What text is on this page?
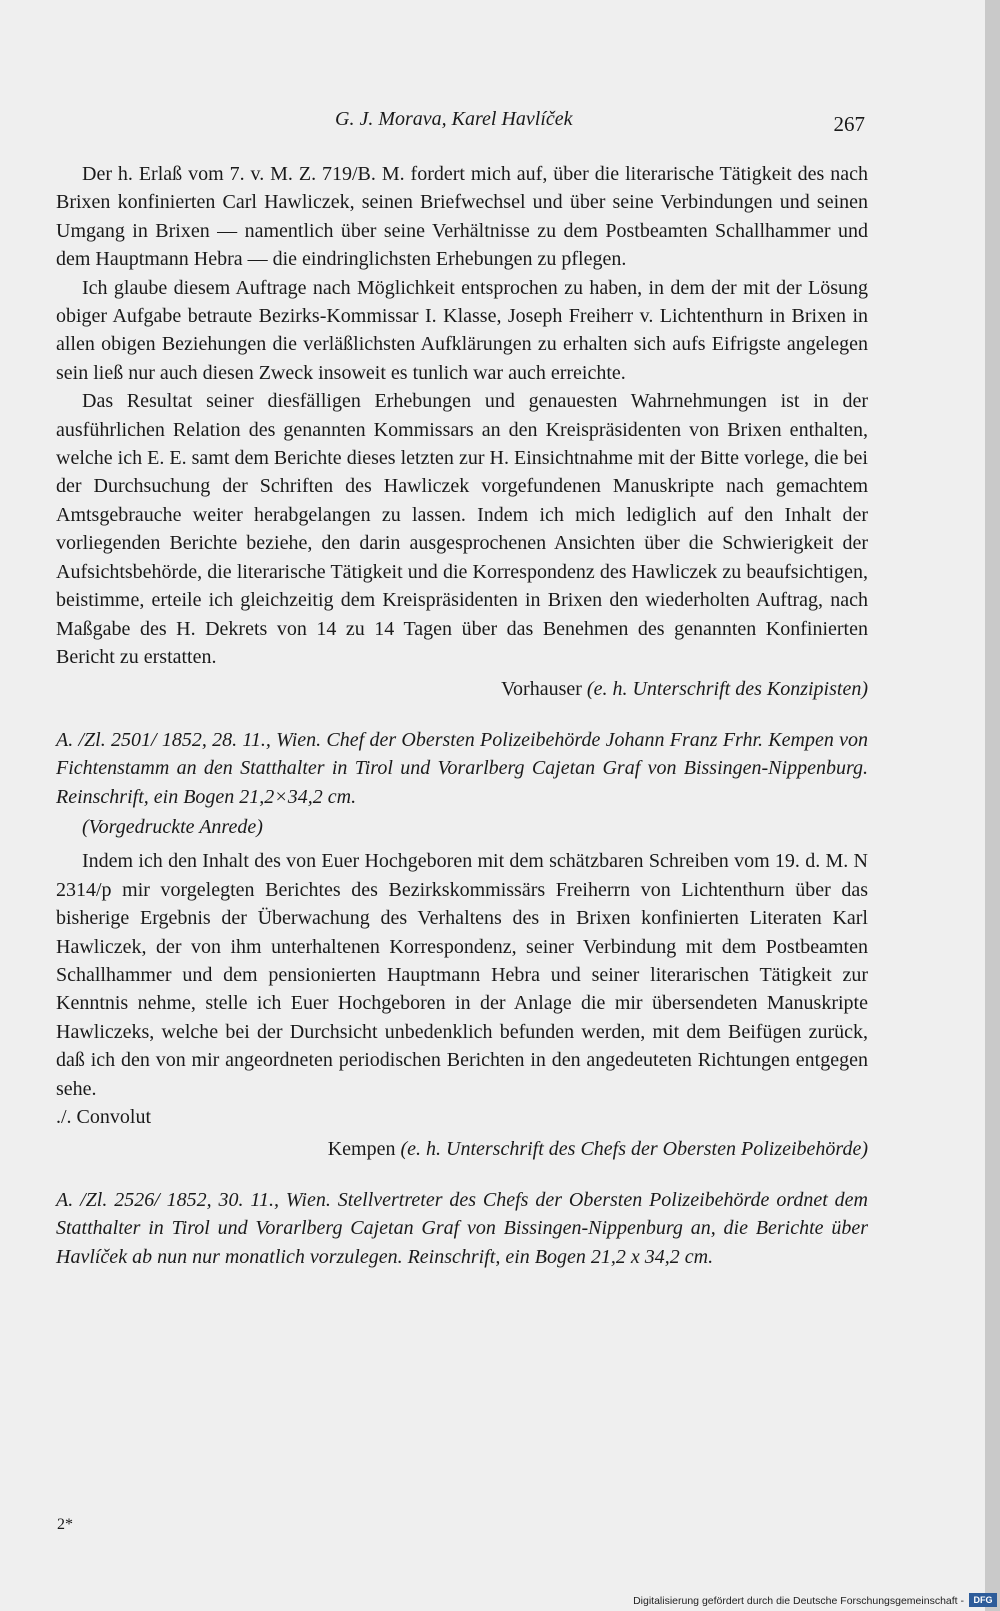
G. J. Morava, Karel Havlíček	267

Der h. Erlaß vom 7. v. M. Z. 719/B. M. fordert mich auf, über die literarische Tätigkeit des nach Brixen konfinierten Carl Hawliczek, seinen Briefwechsel und über seine Verbindungen und seinen Umgang in Brixen — namentlich über seine Verhältnisse zu dem Postbeamten Schallhammer und dem Hauptmann Hebra — die eindringlichsten Erhebungen zu pflegen.

Ich glaube diesem Auftrage nach Möglichkeit entsprochen zu haben, in dem der mit der Lösung obiger Aufgabe betraute Bezirks-Kommissar I. Klasse, Joseph Freiherr v. Lichtenthurn in Brixen in allen obigen Beziehungen die verläßlichsten Aufklärungen zu erhalten sich aufs Eifrigste angelegen sein ließ nur auch diesen Zweck insoweit es tunlich war auch erreichte.

Das Resultat seiner diesfälligen Erhebungen und genauesten Wahrnehmungen ist in der ausführlichen Relation des genannten Kommissars an den Kreispräsidenten von Brixen enthalten, welche ich E. E. samt dem Berichte dieses letzten zur H. Einsichtnahme mit der Bitte vorlege, die bei der Durchsuchung der Schriften des Hawliczek vorgefundenen Manuskripte nach gemachtem Amtsgebrauche weiter herabgelangen zu lassen. Indem ich mich lediglich auf den Inhalt der vorliegenden Berichte beziehe, den darin ausgesprochenen Ansichten über die Schwierigkeit der Aufsichtsbehörde, die literarische Tätigkeit und die Korrespondenz des Hawliczek zu beaufsichtigen, beistimme, erteile ich gleichzeitig dem Kreispräsidenten in Brixen den wiederholten Auftrag, nach Maßgabe des H. Dekrets von 14 zu 14 Tagen über das Benehmen des genannten Konfinierten Bericht zu erstatten.

Vorhauser (e. h. Unterschrift des Konzipisten)

A. /Zl. 2501/ 1852, 28. 11., Wien. Chef der Obersten Polizeibehörde Johann Franz Frhr. Kempen von Fichtenstamm an den Statthalter in Tirol und Vorarlberg Cajetan Graf von Bissingen-Nippenburg. Reinschrift, ein Bogen 21,2×34,2 cm.

(Vorgedruckte Anrede)

Indem ich den Inhalt des von Euer Hochgeboren mit dem schätzbaren Schreiben vom 19. d. M. N 2314/p mir vorgelegten Berichtes des Bezirkskommissärs Freiherrn von Lichtenthurn über das bisherige Ergebnis der Überwachung des Verhaltens des in Brixen konfinierten Literaten Karl Hawliczek, der von ihm unterhaltenen Korrespondenz, seiner Verbindung mit dem Postbeamten Schallhammer und dem pensionierten Hauptmann Hebra und seiner literarischen Tätigkeit zur Kenntnis nehme, stelle ich Euer Hochgeboren in der Anlage die mir übersendeten Manuskripte Hawliczeks, welche bei der Durchsicht unbedenklich befunden werden, mit dem Beifügen zurück, daß ich den von mir angeordneten periodischen Berichten in den angedeuteten Richtungen entgegen sehe.

./. Convolut

Kempen (e. h. Unterschrift des Chefs der Obersten Polizeibehörde)

A. /Zl. 2526/ 1852, 30. 11., Wien. Stellvertreter des Chefs der Obersten Polizeibehörde ordnet dem Statthalter in Tirol und Vorarlberg Cajetan Graf von Bissingen-Nippenburg an, die Berichte über Havlíček ab nun nur monatlich vorzulegen. Reinschrift, ein Bogen 21,2 x 34,2 cm.

2*
Digitalisierung gefördert durch die Deutsche Forschungsgemeinschaft -	DFG
